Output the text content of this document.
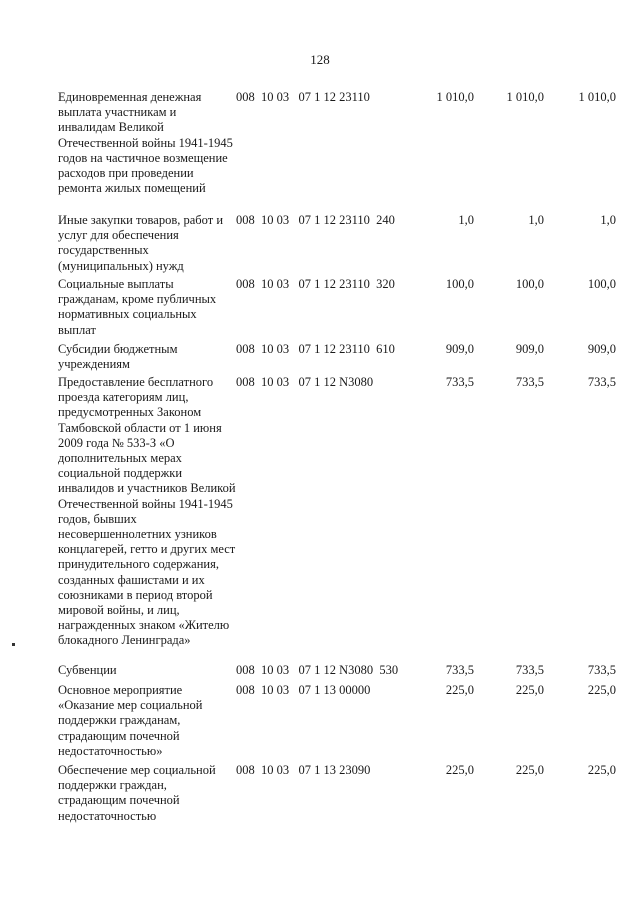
128
Единовременная денежная выплата участникам и инвалидам Великой Отечественной войны 1941-1945 годов на частичное возмещение расходов при проведении ремонта жилых помещений
008  10 03   07 1 12 23110	1 010,0	1 010,0	1 010,0
Иные закупки товаров, работ и услуг для обеспечения государственных (муниципальных) нужд
008  10 03   07 1 12 23110  240	1,0	1,0	1,0
Социальные выплаты гражданам, кроме публичных нормативных социальных выплат
008  10 03   07 1 12 23110  320	100,0	100,0	100,0
Субсидии бюджетным учреждениям
008  10 03   07 1 12 23110  610	909,0	909,0	909,0
Предоставление бесплатного проезда категориям лиц, предусмотренных Законом Тамбовской области от 1 июня 2009 года № 533-З «О дополнительных мерах социальной поддержки инвалидов и участников Великой Отечественной войны 1941-1945 годов, бывших несовершеннолетних узников концлагерей, гетто и других мест принудительного содержания, созданных фашистами и их союзниками в период второй мировой войны, и лиц, награжденных знаком «Жителю блокадного Ленинграда»
008  10 03   07 1 12 N3080	733,5	733,5	733,5
Субвенции	008  10 03   07 1 12 N3080  530	733,5	733,5	733,5
Основное мероприятие «Оказание мер социальной поддержки гражданам, страдающим почечной недостаточностью»
008  10 03   07 1 13 00000	225,0	225,0	225,0
Обеспечение мер социальной поддержки граждан, страдающим почечной недостаточностью
008  10 03   07 1 13 23090	225,0	225,0	225,0
